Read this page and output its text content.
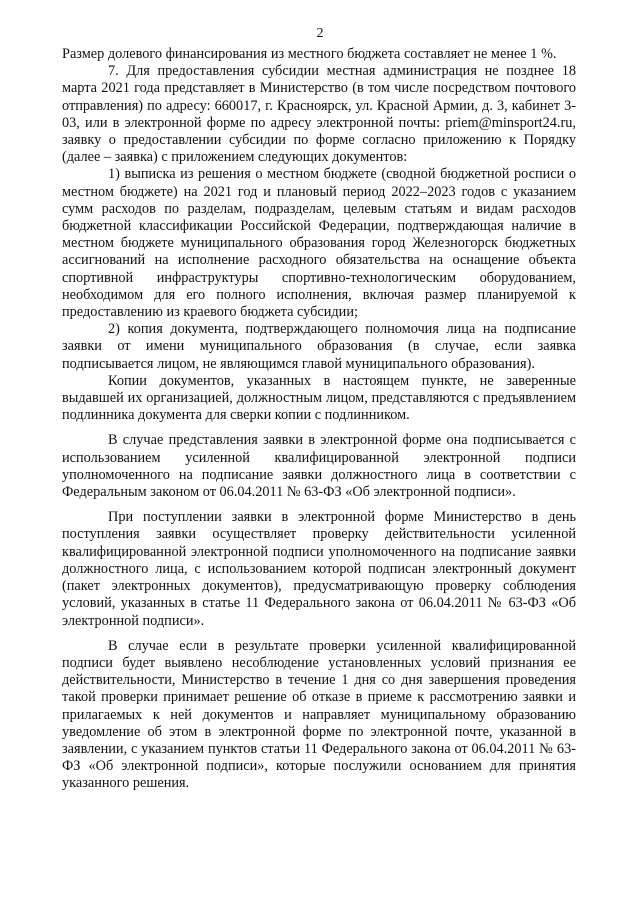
2

Размер долевого финансирования из местного бюджета составляет не менее 1 %.

7. Для предоставления субсидии местная администрация не позднее 18 марта 2021 года представляет в Министерство (в том числе посредством почтового отправления) по адресу: 660017, г. Красноярск, ул. Красной Армии, д. 3, кабинет 3-03, или в электронной форме по адресу электронной почты: priem@minsport24.ru, заявку о предоставлении субсидии по форме согласно приложению к Порядку (далее – заявка) с приложением следующих документов:

1) выписка из решения о местном бюджете (сводной бюджетной росписи о местном бюджете) на 2021 год и плановый период 2022–2023 годов с указанием сумм расходов по разделам, подразделам, целевым статьям и видам расходов бюджетной классификации Российской Федерации, подтверждающая наличие в местном бюджете муниципального образования город Железногорск бюджетных ассигнований на исполнение расходного обязательства на оснащение объекта спортивной инфраструктуры спортивно-технологическим оборудованием, необходимом для его полного исполнения, включая размер планируемой к предоставлению из краевого бюджета субсидии;

2) копия документа, подтверждающего полномочия лица на подписание заявки от имени муниципального образования (в случае, если заявка подписывается лицом, не являющимся главой муниципального образования).

Копии документов, указанных в настоящем пункте, не заверенные выдавшей их организацией, должностным лицом, представляются с предъявлением подлинника документа для сверки копии с подлинником.

В случае представления заявки в электронной форме она подписывается с использованием усиленной квалифицированной электронной подписи уполномоченного на подписание заявки должностного лица в соответствии с Федеральным законом от 06.04.2011 № 63-ФЗ «Об электронной подписи».

При поступлении заявки в электронной форме Министерство в день поступления заявки осуществляет проверку действительности усиленной квалифицированной электронной подписи уполномоченного на подписание заявки должностного лица, с использованием которой подписан электронный документ (пакет электронных документов), предусматривающую проверку соблюдения условий, указанных в статье 11 Федерального закона от 06.04.2011 № 63-ФЗ «Об электронной подписи».

В случае если в результате проверки усиленной квалифицированной подписи будет выявлено несоблюдение установленных условий признания ее действительности, Министерство в течение 1 дня со дня завершения проведения такой проверки принимает решение об отказе в приеме к рассмотрению заявки и прилагаемых к ней документов и направляет муниципальному образованию уведомление об этом в электронной форме по электронной почте, указанной в заявлении, с указанием пунктов статьи 11 Федерального закона от 06.04.2011 № 63-ФЗ «Об электронной подписи», которые послужили основанием для принятия указанного решения.
